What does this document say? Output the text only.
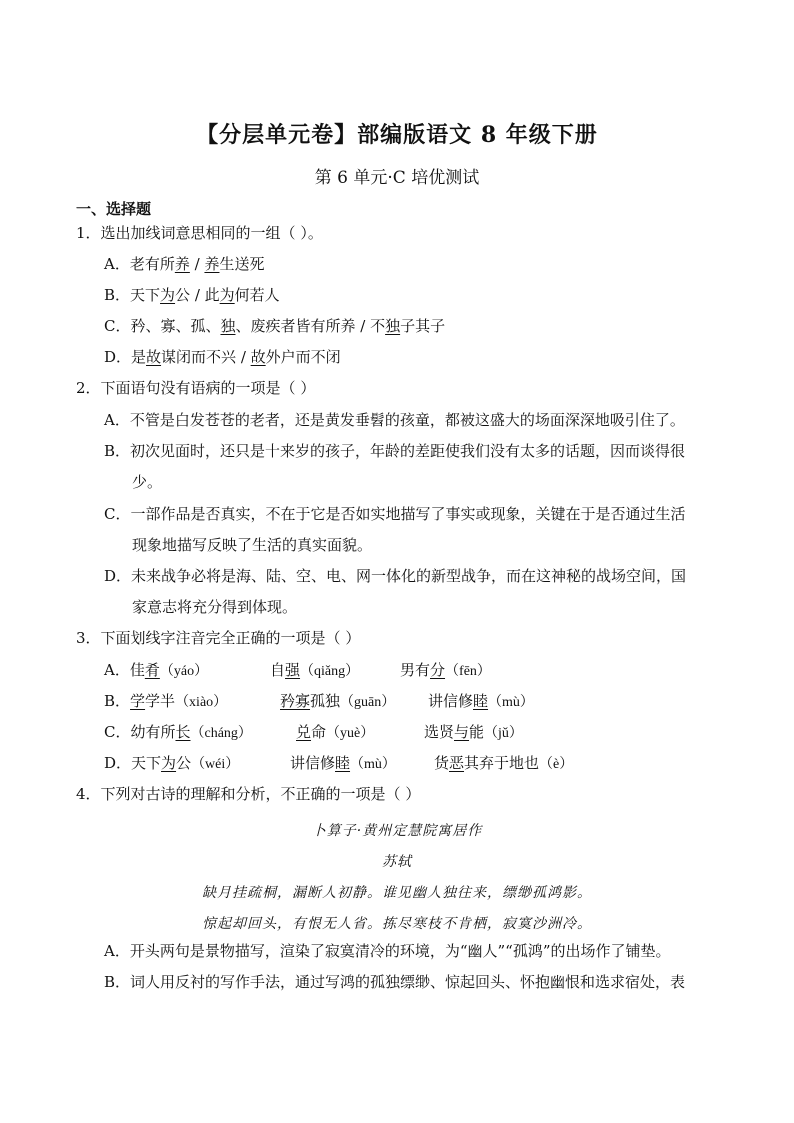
【分层单元卷】部编版语文 8 年级下册
第 6 单元·C 培优测试
一、选择题
1．选出加线词意思相同的一组（ ）。
A．老有所养 / 养生送死
B．天下为公 / 此为何若人
C．矜、寡、孤、独、废疾者皆有所养 / 不独子其子
D．是故谋闭而不兴 / 故外户而不闭
2．下面语句没有语病的一项是（ ）
A．不管是白发苍苍的老者，还是黄发垂髫的孩童，都被这盛大的场面深深地吸引住了。
B．初次见面时，还只是十来岁的孩子，年龄的差距使我们没有太多的话题，因而谈得很
少。
C．一部作品是否真实，不在于它是否如实地描写了事实或现象，关键在于是否通过生活
现象地描写反映了生活的真实面貌。
D．未来战争必将是海、陆、空、电、网一体化的新型战争，而在这神秘的战场空间，国
家意志将充分得到体现。
3．下面划线字注音完全正确的一项是（ ）
A．佳肴（yáo）	自强（qiǎng）	男有分（fēn）
B．学学半（xiào）	矜寡孤独（guān） 讲信修睦（mù）
C．幼有所长（cháng）	兑命（yuè）	选贤与能（jǔ）
D．天下为公（wéi）	讲信修睦（mù）	货恶其弃于地也（è）
4．下列对古诗的理解和分析，不正确的一项是（ ）
卜算子·黄州定慧院寓居作
苏轼
缺月挂疏桐，漏断人初静。谁见幽人独往来，缥缈孤鸿影。
惊起却回头，有恨无人省。拣尽寒枝不肯栖，寂寞沙洲冷。
A．开头两句是景物描写，渲染了寂寞清冷的环境，为“幽人”“孤鸿”的出场作了铺垫。
B．词人用反衬的写作手法，通过写鸿的孤独缥缈、惊起回头、怀抱幽恨和选求宿处，表
